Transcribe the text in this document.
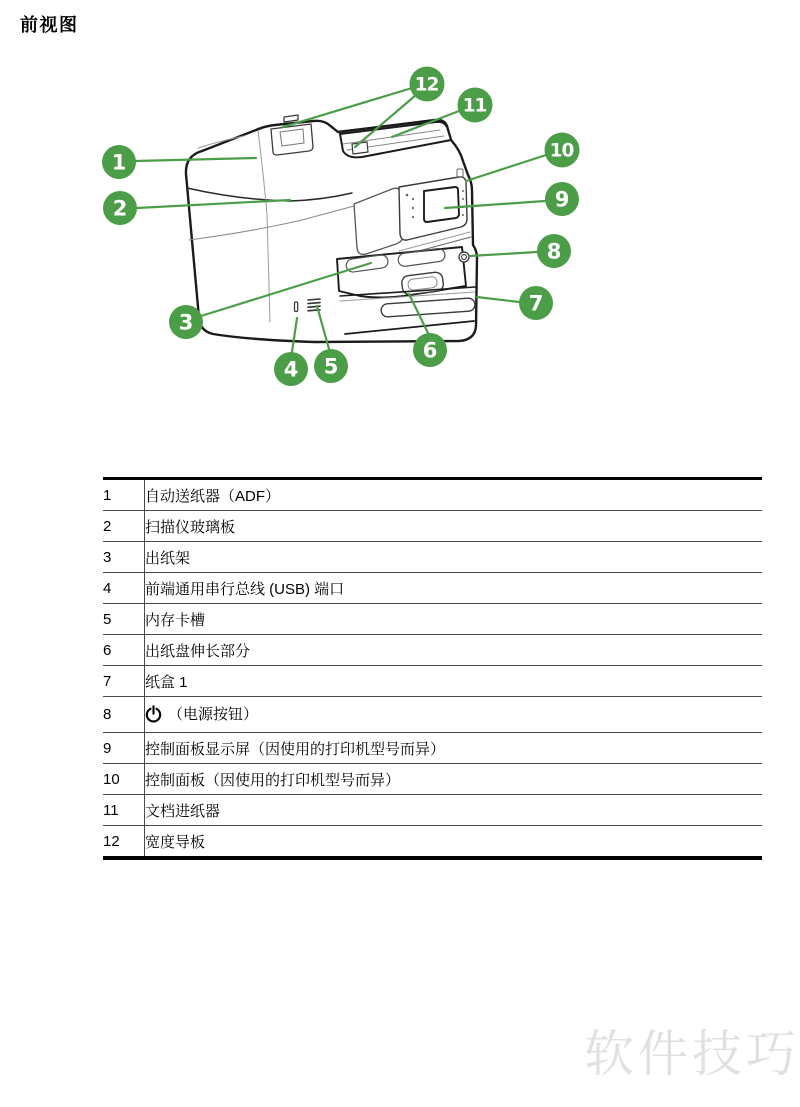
前视图
1
2
3
4 5
6
7
8
9
10
11
12
1	自动送纸器（ADF）
2	扫描仪玻璃板
3	出纸架
4	前端通用串行总线 (USB) 端口
5	内存卡槽
6	出纸盘伸长部分
7	纸盒 1
8	（电源按钮）
9	控制面板显示屏（因使用的打印机型号而异）
10	控制面板（因使用的打印机型号而异）
11	文档进纸器
12	宽度导板
软件技巧
